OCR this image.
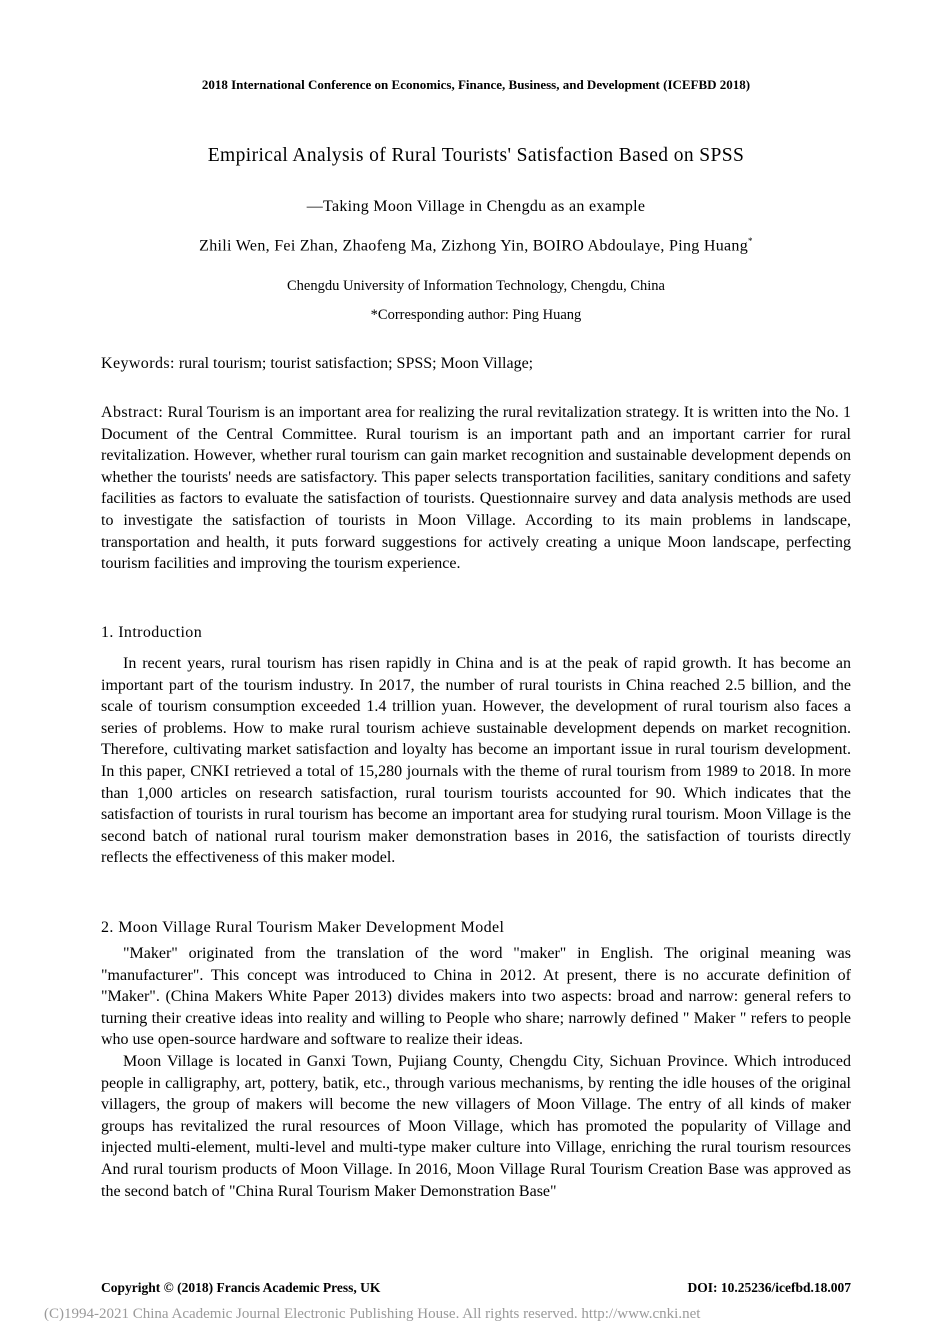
2018 International Conference on Economics, Finance, Business, and Development (ICEFBD 2018)
Empirical Analysis of Rural Tourists' Satisfaction Based on SPSS
—Taking Moon Village in Chengdu as an example
Zhili Wen, Fei Zhan, Zhaofeng Ma, Zizhong Yin, BOIRO Abdoulaye, Ping Huang*
Chengdu University of Information Technology, Chengdu, China
*Corresponding author: Ping Huang
Keywords: rural tourism; tourist satisfaction; SPSS; Moon Village;
Abstract: Rural Tourism is an important area for realizing the rural revitalization strategy. It is written into the No. 1 Document of the Central Committee. Rural tourism is an important path and an important carrier for rural revitalization. However, whether rural tourism can gain market recognition and sustainable development depends on whether the tourists' needs are satisfactory. This paper selects transportation facilities, sanitary conditions and safety facilities as factors to evaluate the satisfaction of tourists. Questionnaire survey and data analysis methods are used to investigate the satisfaction of tourists in Moon Village. According to its main problems in landscape, transportation and health, it puts forward suggestions for actively creating a unique Moon landscape, perfecting tourism facilities and improving the tourism experience.
1. Introduction

In recent years, rural tourism has risen rapidly in China and is at the peak of rapid growth. It has become an important part of the tourism industry. In 2017, the number of rural tourists in China reached 2.5 billion, and the scale of tourism consumption exceeded 1.4 trillion yuan. However, the development of rural tourism also faces a series of problems. How to make rural tourism achieve sustainable development depends on market recognition. Therefore, cultivating market satisfaction and loyalty has become an important issue in rural tourism development. In this paper, CNKI retrieved a total of 15,280 journals with the theme of rural tourism from 1989 to 2018. In more than 1,000 articles on research satisfaction, rural tourism tourists accounted for 90. Which indicates that the satisfaction of tourists in rural tourism has become an important area for studying rural tourism. Moon Village is the second batch of national rural tourism maker demonstration bases in 2016, the satisfaction of tourists directly reflects the effectiveness of this maker model.

2. Moon Village Rural Tourism Maker Development Model

"Maker" originated from the translation of the word "maker" in English. The original meaning was "manufacturer". This concept was introduced to China in 2012. At present, there is no accurate definition of "Maker". (China Makers White Paper 2013) divides makers into two aspects: broad and narrow: general refers to turning their creative ideas into reality and willing to People who share; narrowly defined " Maker " refers to people who use open-source hardware and software to realize their ideas.

Moon Village is located in Ganxi Town, Pujiang County, Chengdu City, Sichuan Province. Which introduced people in calligraphy, art, pottery, batik, etc., through various mechanisms, by renting the idle houses of the original villagers, the group of makers will become the new villagers of Moon Village. The entry of all kinds of maker groups has revitalized the rural resources of Moon Village, which has promoted the popularity of Village and injected multi-element, multi-level and multi-type maker culture into Village, enriching the rural tourism resources And rural tourism products of Moon Village. In 2016, Moon Village Rural Tourism Creation Base was approved as the second batch of "China Rural Tourism Maker Demonstration Base"

Copyright © (2018) Francis Academic Press, UK	DOI: 10.25236/icefbd.18.007
(C)1994-2021 China Academic Journal Electronic Publishing House. All rights reserved. http://www.cnki.net
